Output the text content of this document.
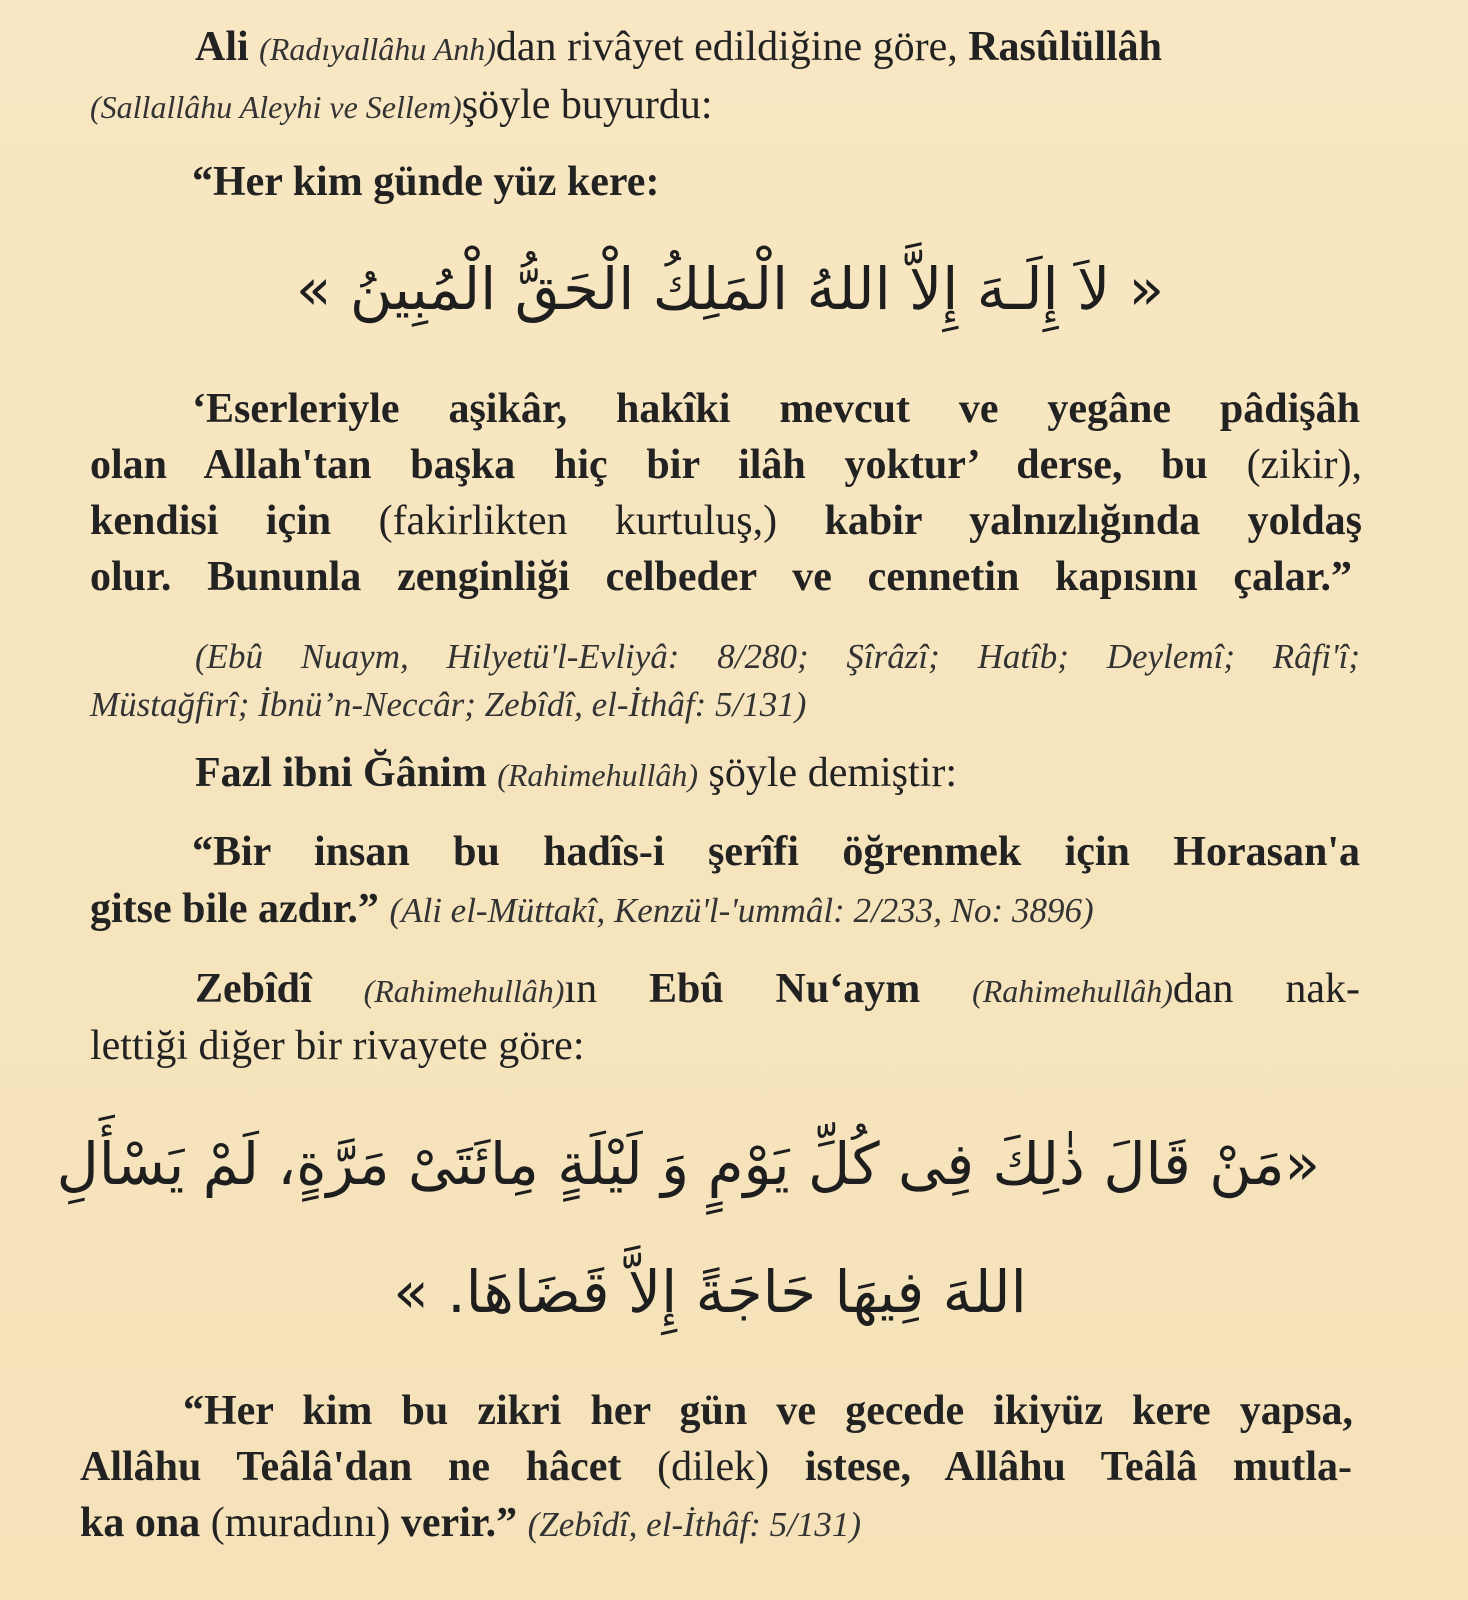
Ali (Radıyallâhu Anh)dan rivâyet edildiğine göre, Rasûlüllâh
(Sallallâhu Aleyhi ve Sellem)şöyle buyurdu:
“Her kim günde yüz kere:
« لاَ إِلَـهَ إِلاَّ اللهُ الْمَلِكُ الْحَقُّ الْمُبِينُ »
‘Eserleriyle aşikâr, hakîki mevcut ve yegâne pâdişâh
olan Allah'tan başka hiç bir ilâh yoktur’ derse, bu (zikir),
kendisi için (fakirlikten kurtuluş,) kabir yalnızlığında yoldaş
olur. Bununla zenginliği celbeder ve cennetin kapısını çalar.”
(Ebû Nuaym, Hilyetü'l-Evliyâ: 8/280; Şîrâzî; Hatîb; Deylemî; Râfi'î;
Müstağfirî; İbnü’n-Neccâr; Zebîdî, el-İthâf: 5/131)
Fazl ibni Ğânim (Rahimehullâh) şöyle demiştir:
“Bir insan bu hadîs-i şerîfi öğrenmek için Horasan'a
gitse bile azdır.” (Ali el-Müttakî, Kenzü'l-'ummâl: 2/233, No: 3896)
Zebîdî (Rahimehullâh)ın Ebû Nu‘aym (Rahimehullâh)dan nak-
lettiği diğer bir rivayete göre:
«مَنْ قَالَ ذٰلِكَ فِى كُلِّ يَوْمٍ وَ لَيْلَةٍ مِائَتَىْ مَرَّةٍ، لَمْ يَسْأَلِ
اللهَ فِيهَا حَاجَةً إِلاَّ قَضَاهَا. »
“Her kim bu zikri her gün ve gecede ikiyüz kere yapsa,
Allâhu Teâlâ'dan ne hâcet (dilek) istese, Allâhu Teâlâ mutla-
ka ona (muradını) verir.” (Zebîdî, el-İthâf: 5/131)
